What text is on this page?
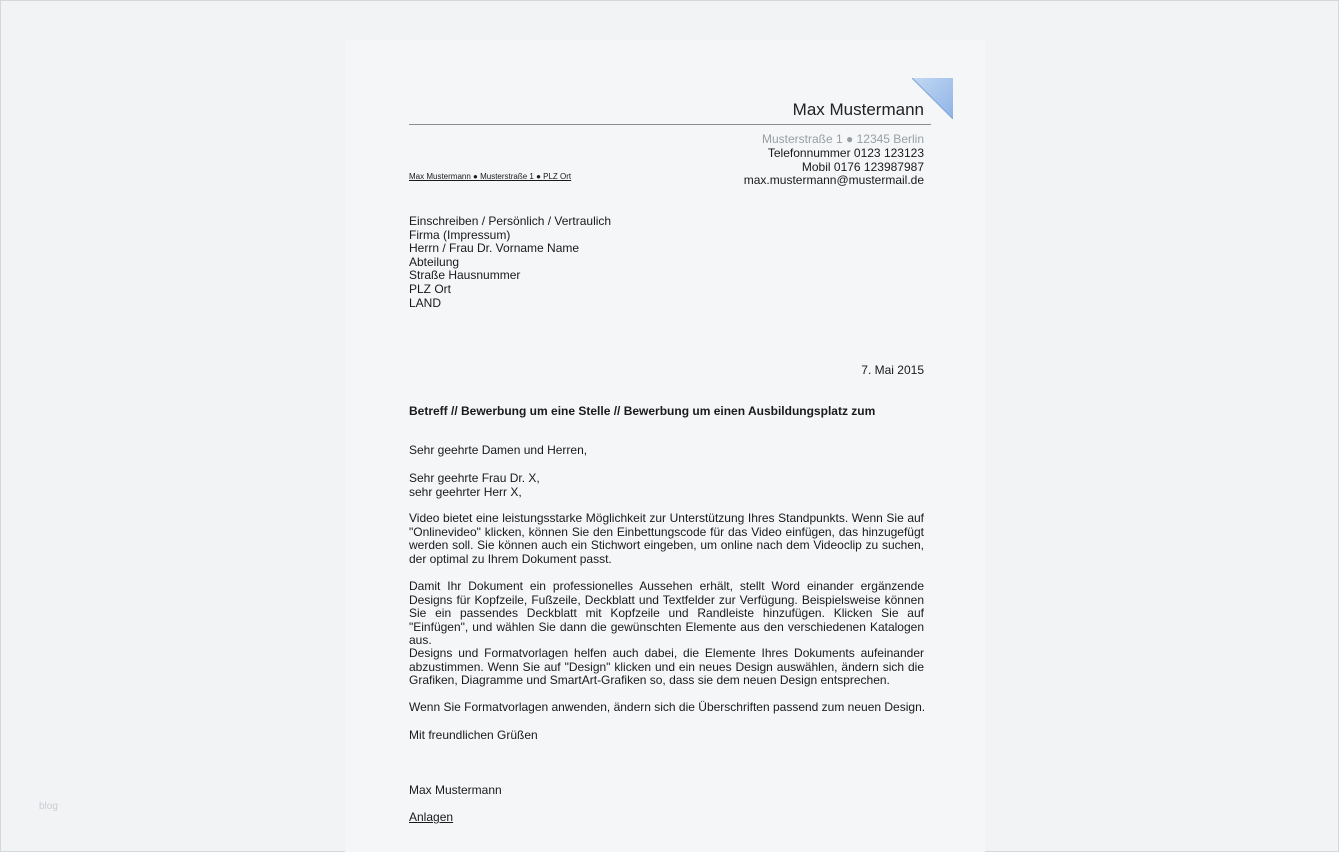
Max Mustermann
Musterstraße 1 ● 12345 Berlin
Telefonnummer 0123 123123
Mobil 0176 123987987
max.mustermann@mustermail.de
Max Mustermann ● Musterstraße 1 ● PLZ Ort
Einschreiben / Persönlich / Vertraulich
Firma (Impressum)
Herrn / Frau Dr. Vorname Name
Abteilung
Straße Hausnummer
PLZ Ort
LAND
7. Mai 2015
Betreff // Bewerbung um eine Stelle // Bewerbung um einen Ausbildungsplatz zum
Sehr geehrte Damen und Herren,
Sehr geehrte Frau Dr. X,
sehr geehrter Herr X,
Video bietet eine leistungsstarke Möglichkeit zur Unterstützung Ihres Standpunkts. Wenn Sie auf "Onlinevideo" klicken, können Sie den Einbettungscode für das Video einfügen, das hinzugefügt werden soll. Sie können auch ein Stichwort eingeben, um online nach dem Videoclip zu suchen, der optimal zu Ihrem Dokument passt.
Damit Ihr Dokument ein professionelles Aussehen erhält, stellt Word einander ergänzende Designs für Kopfzeile, Fußzeile, Deckblatt und Textfelder zur Verfügung. Beispielsweise können Sie ein passendes Deckblatt mit Kopfzeile und Randleiste hinzufügen. Klicken Sie auf "Einfügen", und wählen Sie dann die gewünschten Elemente aus den verschiedenen Katalogen aus.
Designs und Formatvorlagen helfen auch dabei, die Elemente Ihres Dokuments aufeinander abzustimmen. Wenn Sie auf "Design" klicken und ein neues Design auswählen, ändern sich die Grafiken, Diagramme und SmartArt-Grafiken so, dass sie dem neuen Design entsprechen.
Wenn Sie Formatvorlagen anwenden, ändern sich die Überschriften passend zum neuen Design.
Mit freundlichen Grüßen
Max Mustermann
Anlagen
blog
